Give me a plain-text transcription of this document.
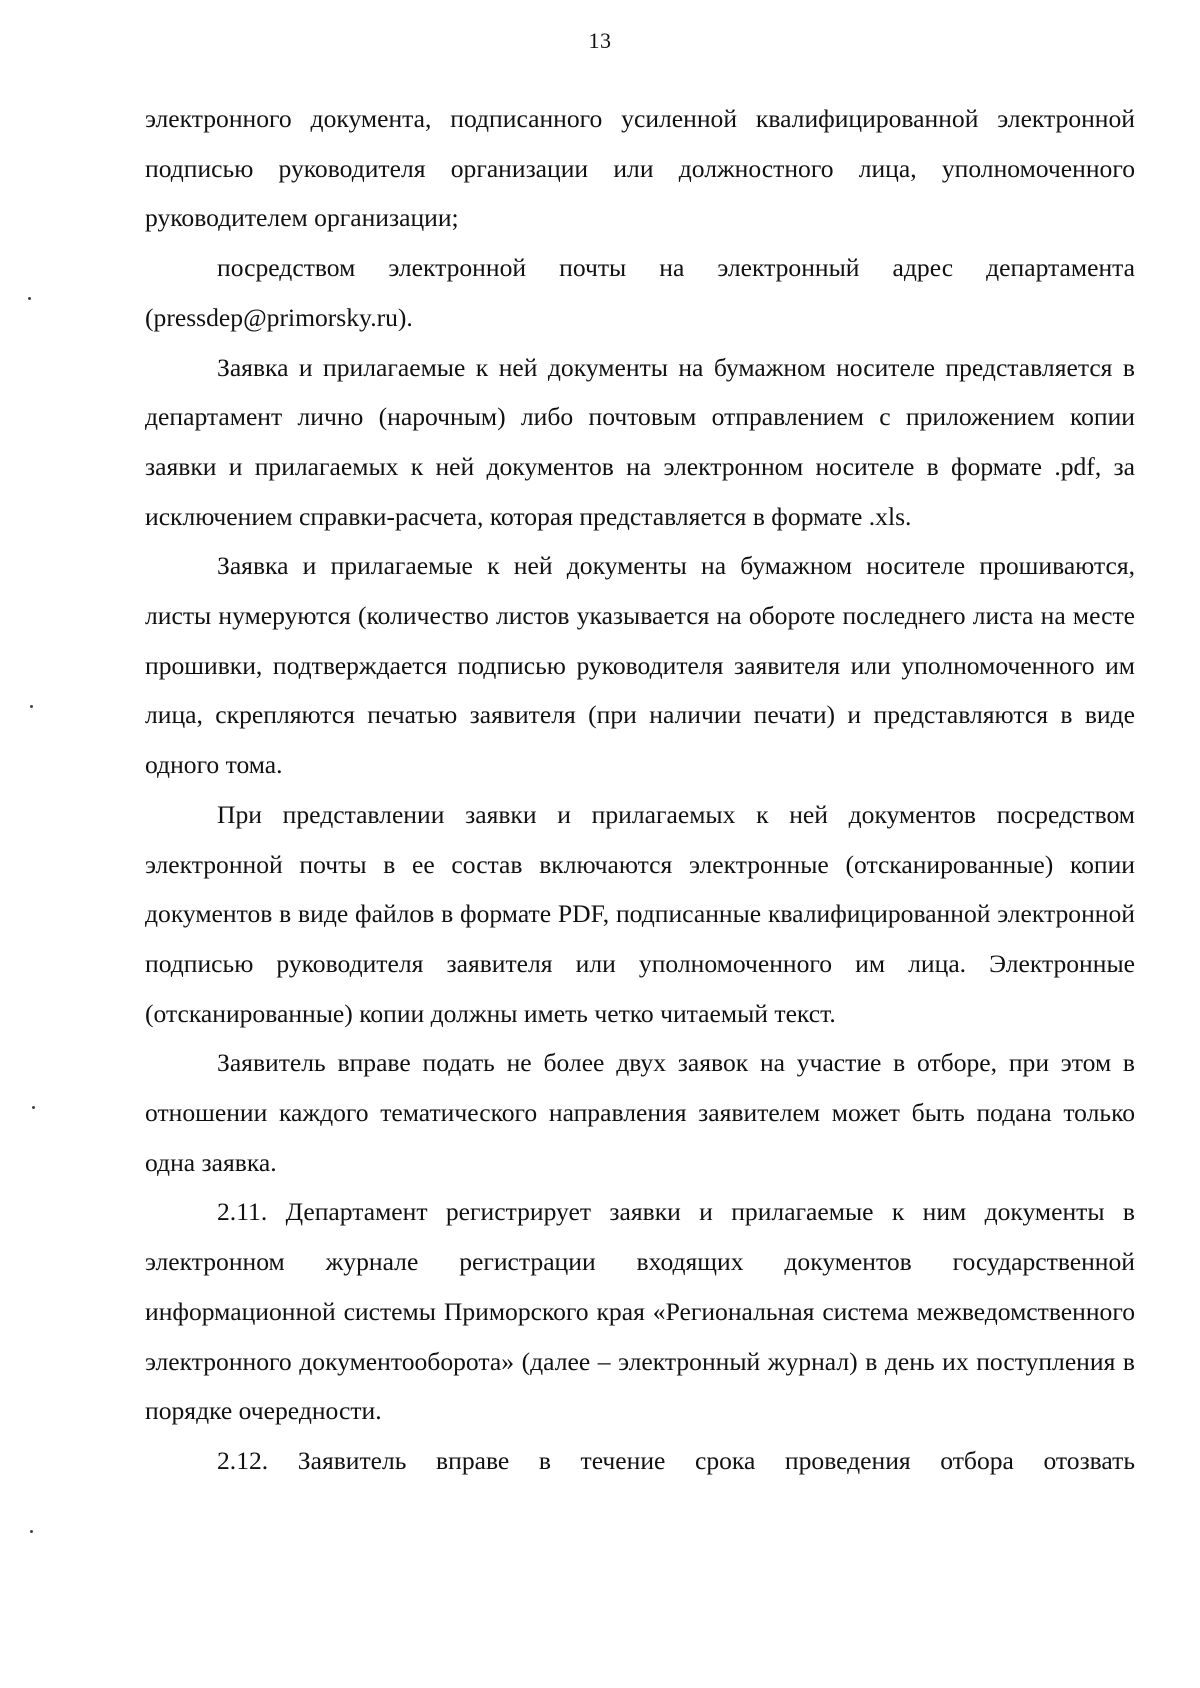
13

электронного документа, подписанного усиленной квалифицированной электронной подписью руководителя организации или должностного лица, уполномоченного руководителем организации;

посредством электронной почты на электронный адрес департамента (pressdep@primorsky.ru).

Заявка и прилагаемые к ней документы на бумажном носителе представляется в департамент лично (нарочным) либо почтовым отправлением с приложением копии заявки и прилагаемых к ней документов на электронном носителе в формате .pdf, за исключением справки-расчета, которая представляется в формате .xls.

Заявка и прилагаемые к ней документы на бумажном носителе прошиваются, листы нумеруются (количество листов указывается на обороте последнего листа на месте прошивки, подтверждается подписью руководителя заявителя или уполномоченного им лица, скрепляются печатью заявителя (при наличии печати) и представляются в виде одного тома.

При представлении заявки и прилагаемых к ней документов посредством электронной почты в ее состав включаются электронные (отсканированные) копии документов в виде файлов в формате PDF, подписанные квалифицированной электронной подписью руководителя заявителя или уполномоченного им лица. Электронные (отсканированные) копии должны иметь четко читаемый текст.

Заявитель вправе подать не более двух заявок на участие в отборе, при этом в отношении каждого тематического направления заявителем может быть подана только одна заявка.

2.11. Департамент регистрирует заявки и прилагаемые к ним документы в электронном журнале регистрации входящих документов государственной информационной системы Приморского края «Региональная система межведомственного электронного документооборота» (далее – электронный журнал) в день их поступления в порядке очередности.

2.12. Заявитель вправе в течение срока проведения отбора отозвать
